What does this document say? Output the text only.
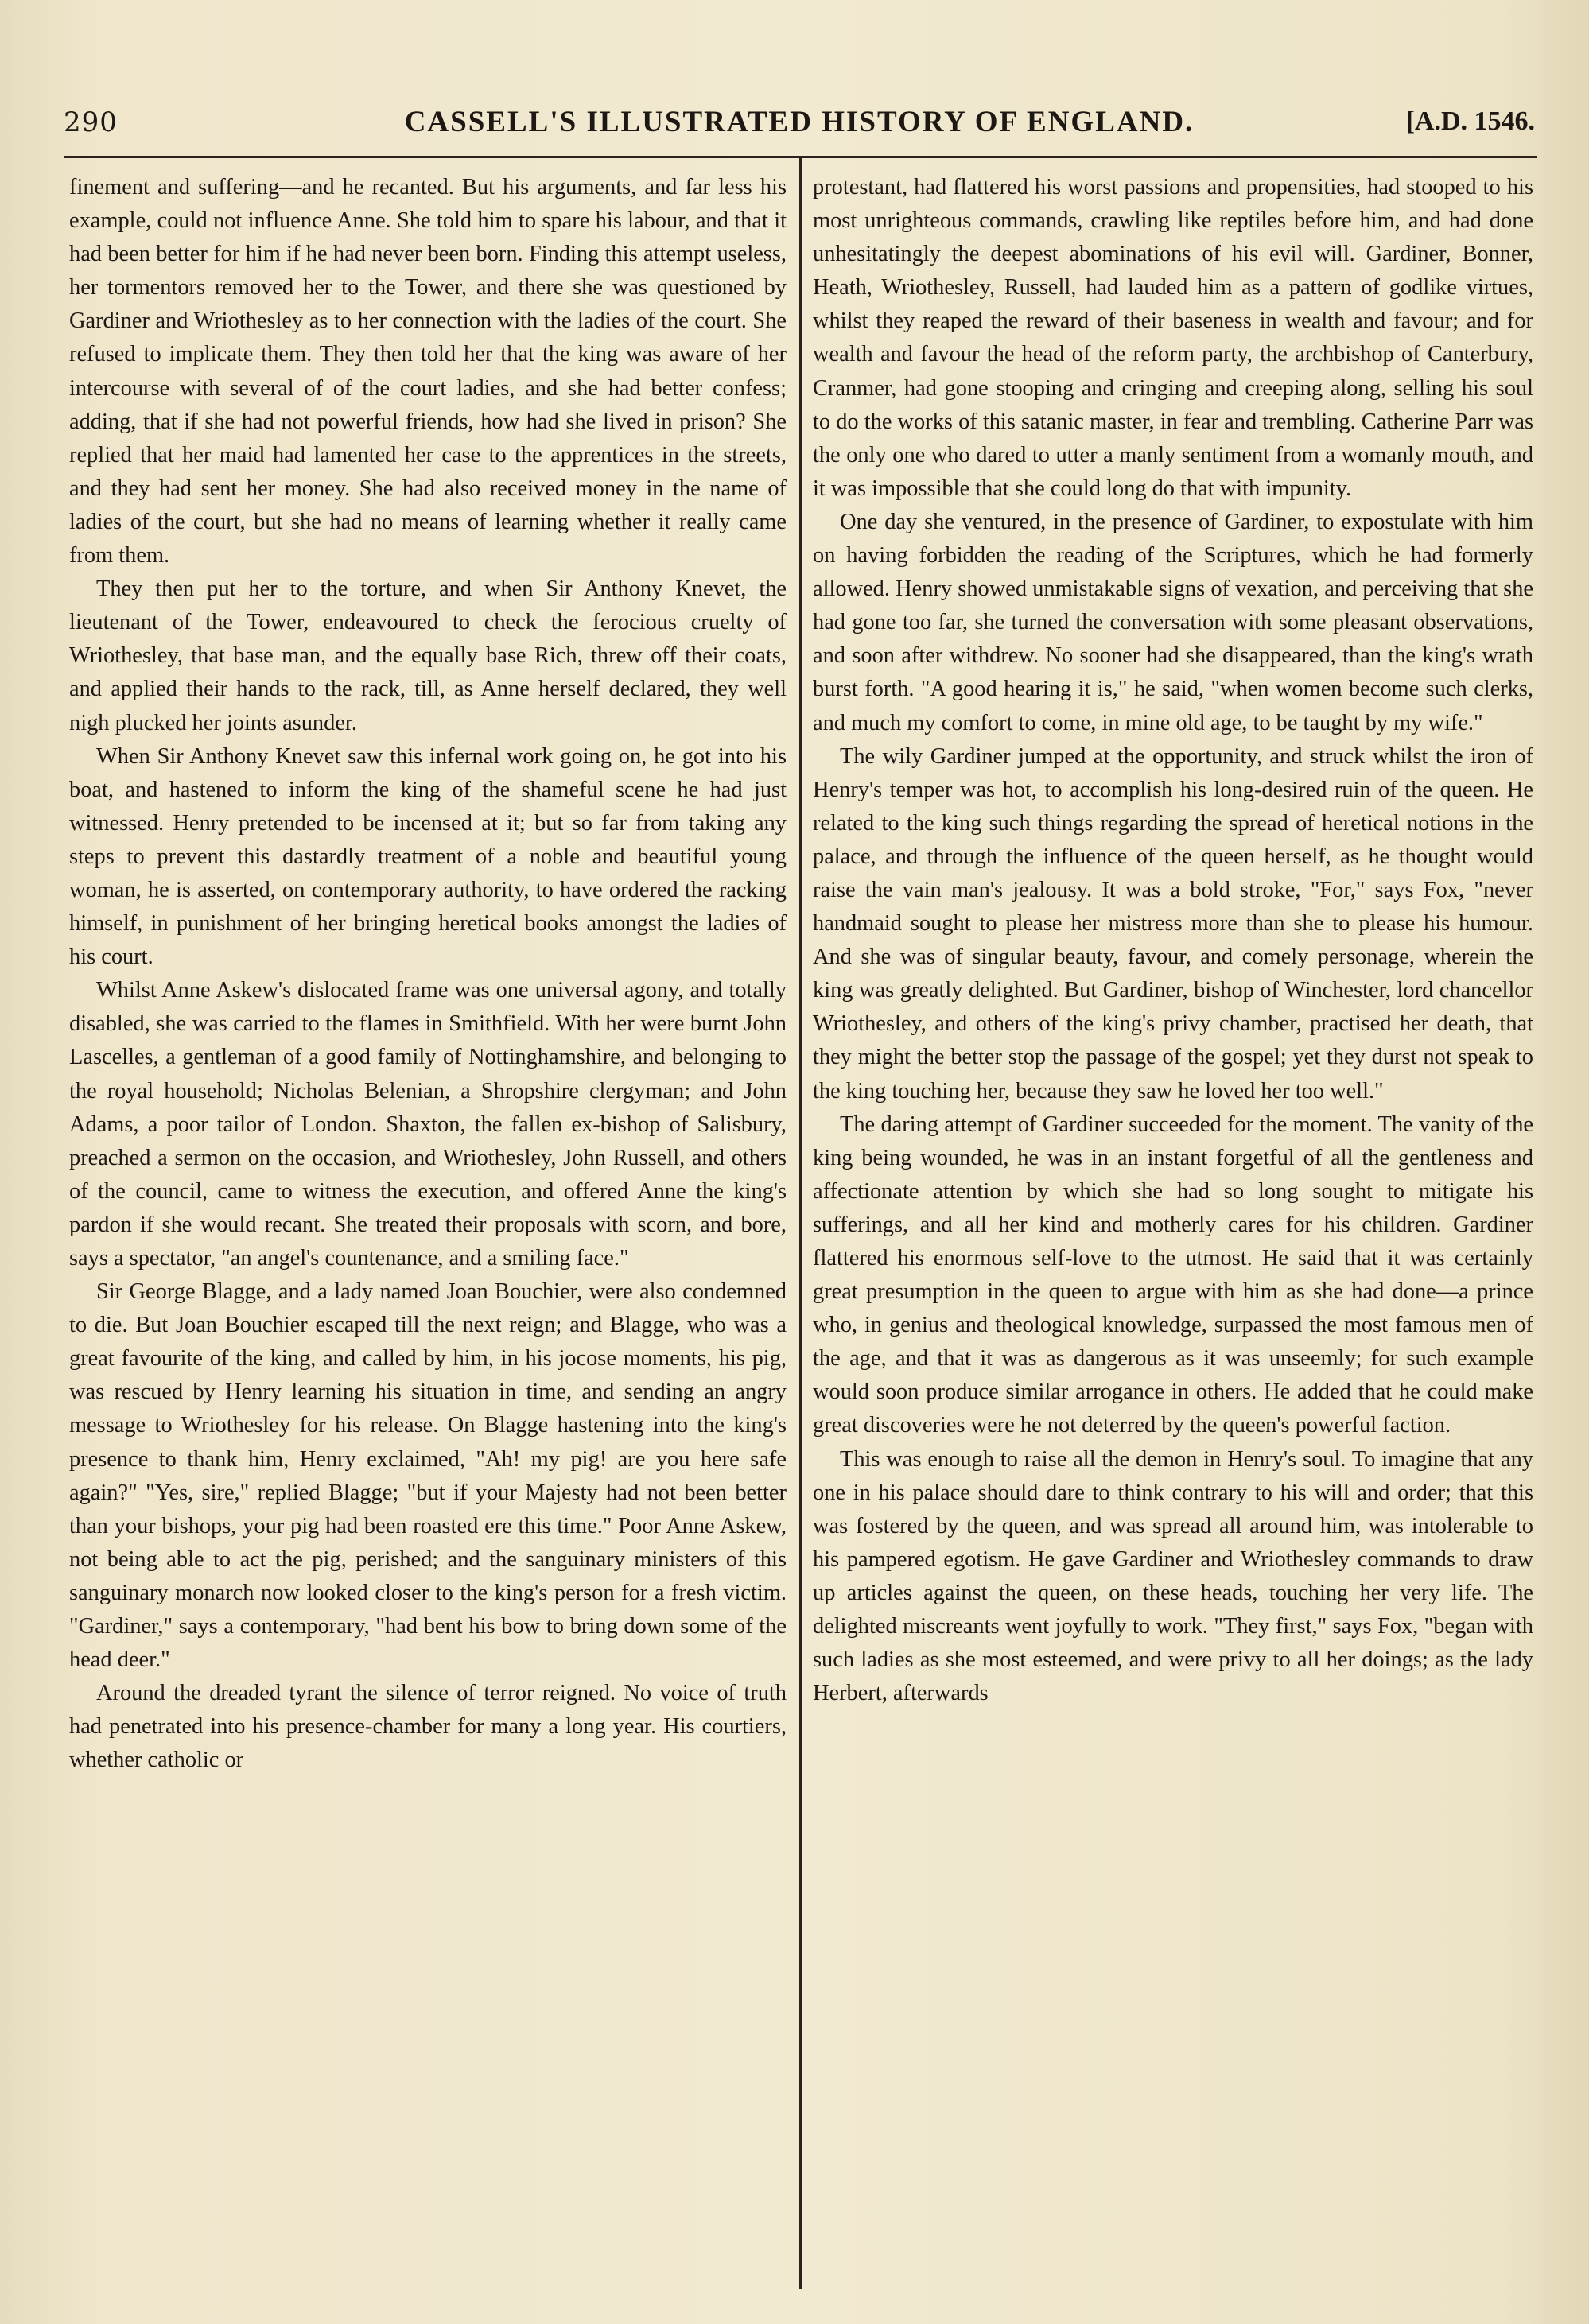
290	CASSELL'S ILLUSTRATED HISTORY OF ENGLAND.	[A.D. 1546.

finement and suffering—and he recanted. But his arguments, and far less his example, could not influence Anne. She told him to spare his labour, and that it had been better for him if he had never been born. Finding this attempt useless, her tormentors removed her to the Tower, and there she was questioned by Gardiner and Wriothesley as to her connection with the ladies of the court. She refused to implicate them. They then told her that the king was aware of her intercourse with several of of the court ladies, and she had better confess; adding, that if she had not powerful friends, how had she lived in prison? She replied that her maid had lamented her case to the apprentices in the streets, and they had sent her money. She had also received money in the name of ladies of the court, but she had no means of learning whether it really came from them.

They then put her to the torture, and when Sir Anthony Knevet, the lieutenant of the Tower, endeavoured to check the ferocious cruelty of Wriothesley, that base man, and the equally base Rich, threw off their coats, and applied their hands to the rack, till, as Anne herself declared, they well nigh plucked her joints asunder.

When Sir Anthony Knevet saw this infernal work going on, he got into his boat, and hastened to inform the king of the shameful scene he had just witnessed. Henry pretended to be incensed at it; but so far from taking any steps to prevent this dastardly treatment of a noble and beautiful young woman, he is asserted, on contemporary authority, to have ordered the racking himself, in punishment of her bringing heretical books amongst the ladies of his court.

Whilst Anne Askew's dislocated frame was one universal agony, and totally disabled, she was carried to the flames in Smithfield. With her were burnt John Lascelles, a gentleman of a good family of Nottinghamshire, and belonging to the royal household; Nicholas Belenian, a Shropshire clergyman; and John Adams, a poor tailor of London. Shaxton, the fallen ex-bishop of Salisbury, preached a sermon on the occasion, and Wriothesley, John Russell, and others of the council, came to witness the execution, and offered Anne the king's pardon if she would recant. She treated their proposals with scorn, and bore, says a spectator, "an angel's countenance, and a smiling face."

Sir George Blagge, and a lady named Joan Bouchier, were also condemned to die. But Joan Bouchier escaped till the next reign; and Blagge, who was a great favourite of the king, and called by him, in his jocose moments, his pig, was rescued by Henry learning his situation in time, and sending an angry message to Wriothesley for his release. On Blagge hastening into the king's presence to thank him, Henry exclaimed, "Ah! my pig! are you here safe again?" "Yes, sire," replied Blagge; "but if your Majesty had not been better than your bishops, your pig had been roasted ere this time." Poor Anne Askew, not being able to act the pig, perished; and the sanguinary ministers of this sanguinary monarch now looked closer to the king's person for a fresh victim. "Gardiner," says a contemporary, "had bent his bow to bring down some of the head deer."

Around the dreaded tyrant the silence of terror reigned. No voice of truth had penetrated into his presence-chamber for many a long year. His courtiers, whether catholic or

protestant, had flattered his worst passions and propensities, had stooped to his most unrighteous commands, crawling like reptiles before him, and had done unhesitatingly the deepest abominations of his evil will. Gardiner, Bonner, Heath, Wriothesley, Russell, had lauded him as a pattern of godlike virtues, whilst they reaped the reward of their baseness in wealth and favour; and for wealth and favour the head of the reform party, the archbishop of Canterbury, Cranmer, had gone stooping and cringing and creeping along, selling his soul to do the works of this satanic master, in fear and trembling. Catherine Parr was the only one who dared to utter a manly sentiment from a womanly mouth, and it was impossible that she could long do that with impunity.

One day she ventured, in the presence of Gardiner, to expostulate with him on having forbidden the reading of the Scriptures, which he had formerly allowed. Henry showed unmistakable signs of vexation, and perceiving that she had gone too far, she turned the conversation with some pleasant observations, and soon after withdrew. No sooner had she disappeared, than the king's wrath burst forth. "A good hearing it is," he said, "when women become such clerks, and much my comfort to come, in mine old age, to be taught by my wife."

The wily Gardiner jumped at the opportunity, and struck whilst the iron of Henry's temper was hot, to accomplish his long-desired ruin of the queen. He related to the king such things regarding the spread of heretical notions in the palace, and through the influence of the queen herself, as he thought would raise the vain man's jealousy. It was a bold stroke, "For," says Fox, "never handmaid sought to please her mistress more than she to please his humour. And she was of singular beauty, favour, and comely personage, wherein the king was greatly delighted. But Gardiner, bishop of Winchester, lord chancellor Wriothesley, and others of the king's privy chamber, practised her death, that they might the better stop the passage of the gospel; yet they durst not speak to the king touching her, because they saw he loved her too well."

The daring attempt of Gardiner succeeded for the moment. The vanity of the king being wounded, he was in an instant forgetful of all the gentleness and affectionate attention by which she had so long sought to mitigate his sufferings, and all her kind and motherly cares for his children. Gardiner flattered his enormous self-love to the utmost. He said that it was certainly great presumption in the queen to argue with him as she had done—a prince who, in genius and theological knowledge, surpassed the most famous men of the age, and that it was as dangerous as it was unseemly; for such example would soon produce similar arrogance in others. He added that he could make great discoveries were he not deterred by the queen's powerful faction.

This was enough to raise all the demon in Henry's soul. To imagine that any one in his palace should dare to think contrary to his will and order; that this was fostered by the queen, and was spread all around him, was intolerable to his pampered egotism. He gave Gardiner and Wriothesley commands to draw up articles against the queen, on these heads, touching her very life. The delighted miscreants went joyfully to work. "They first," says Fox, "began with such ladies as she most esteemed, and were privy to all her doings; as the lady Herbert, afterwards
